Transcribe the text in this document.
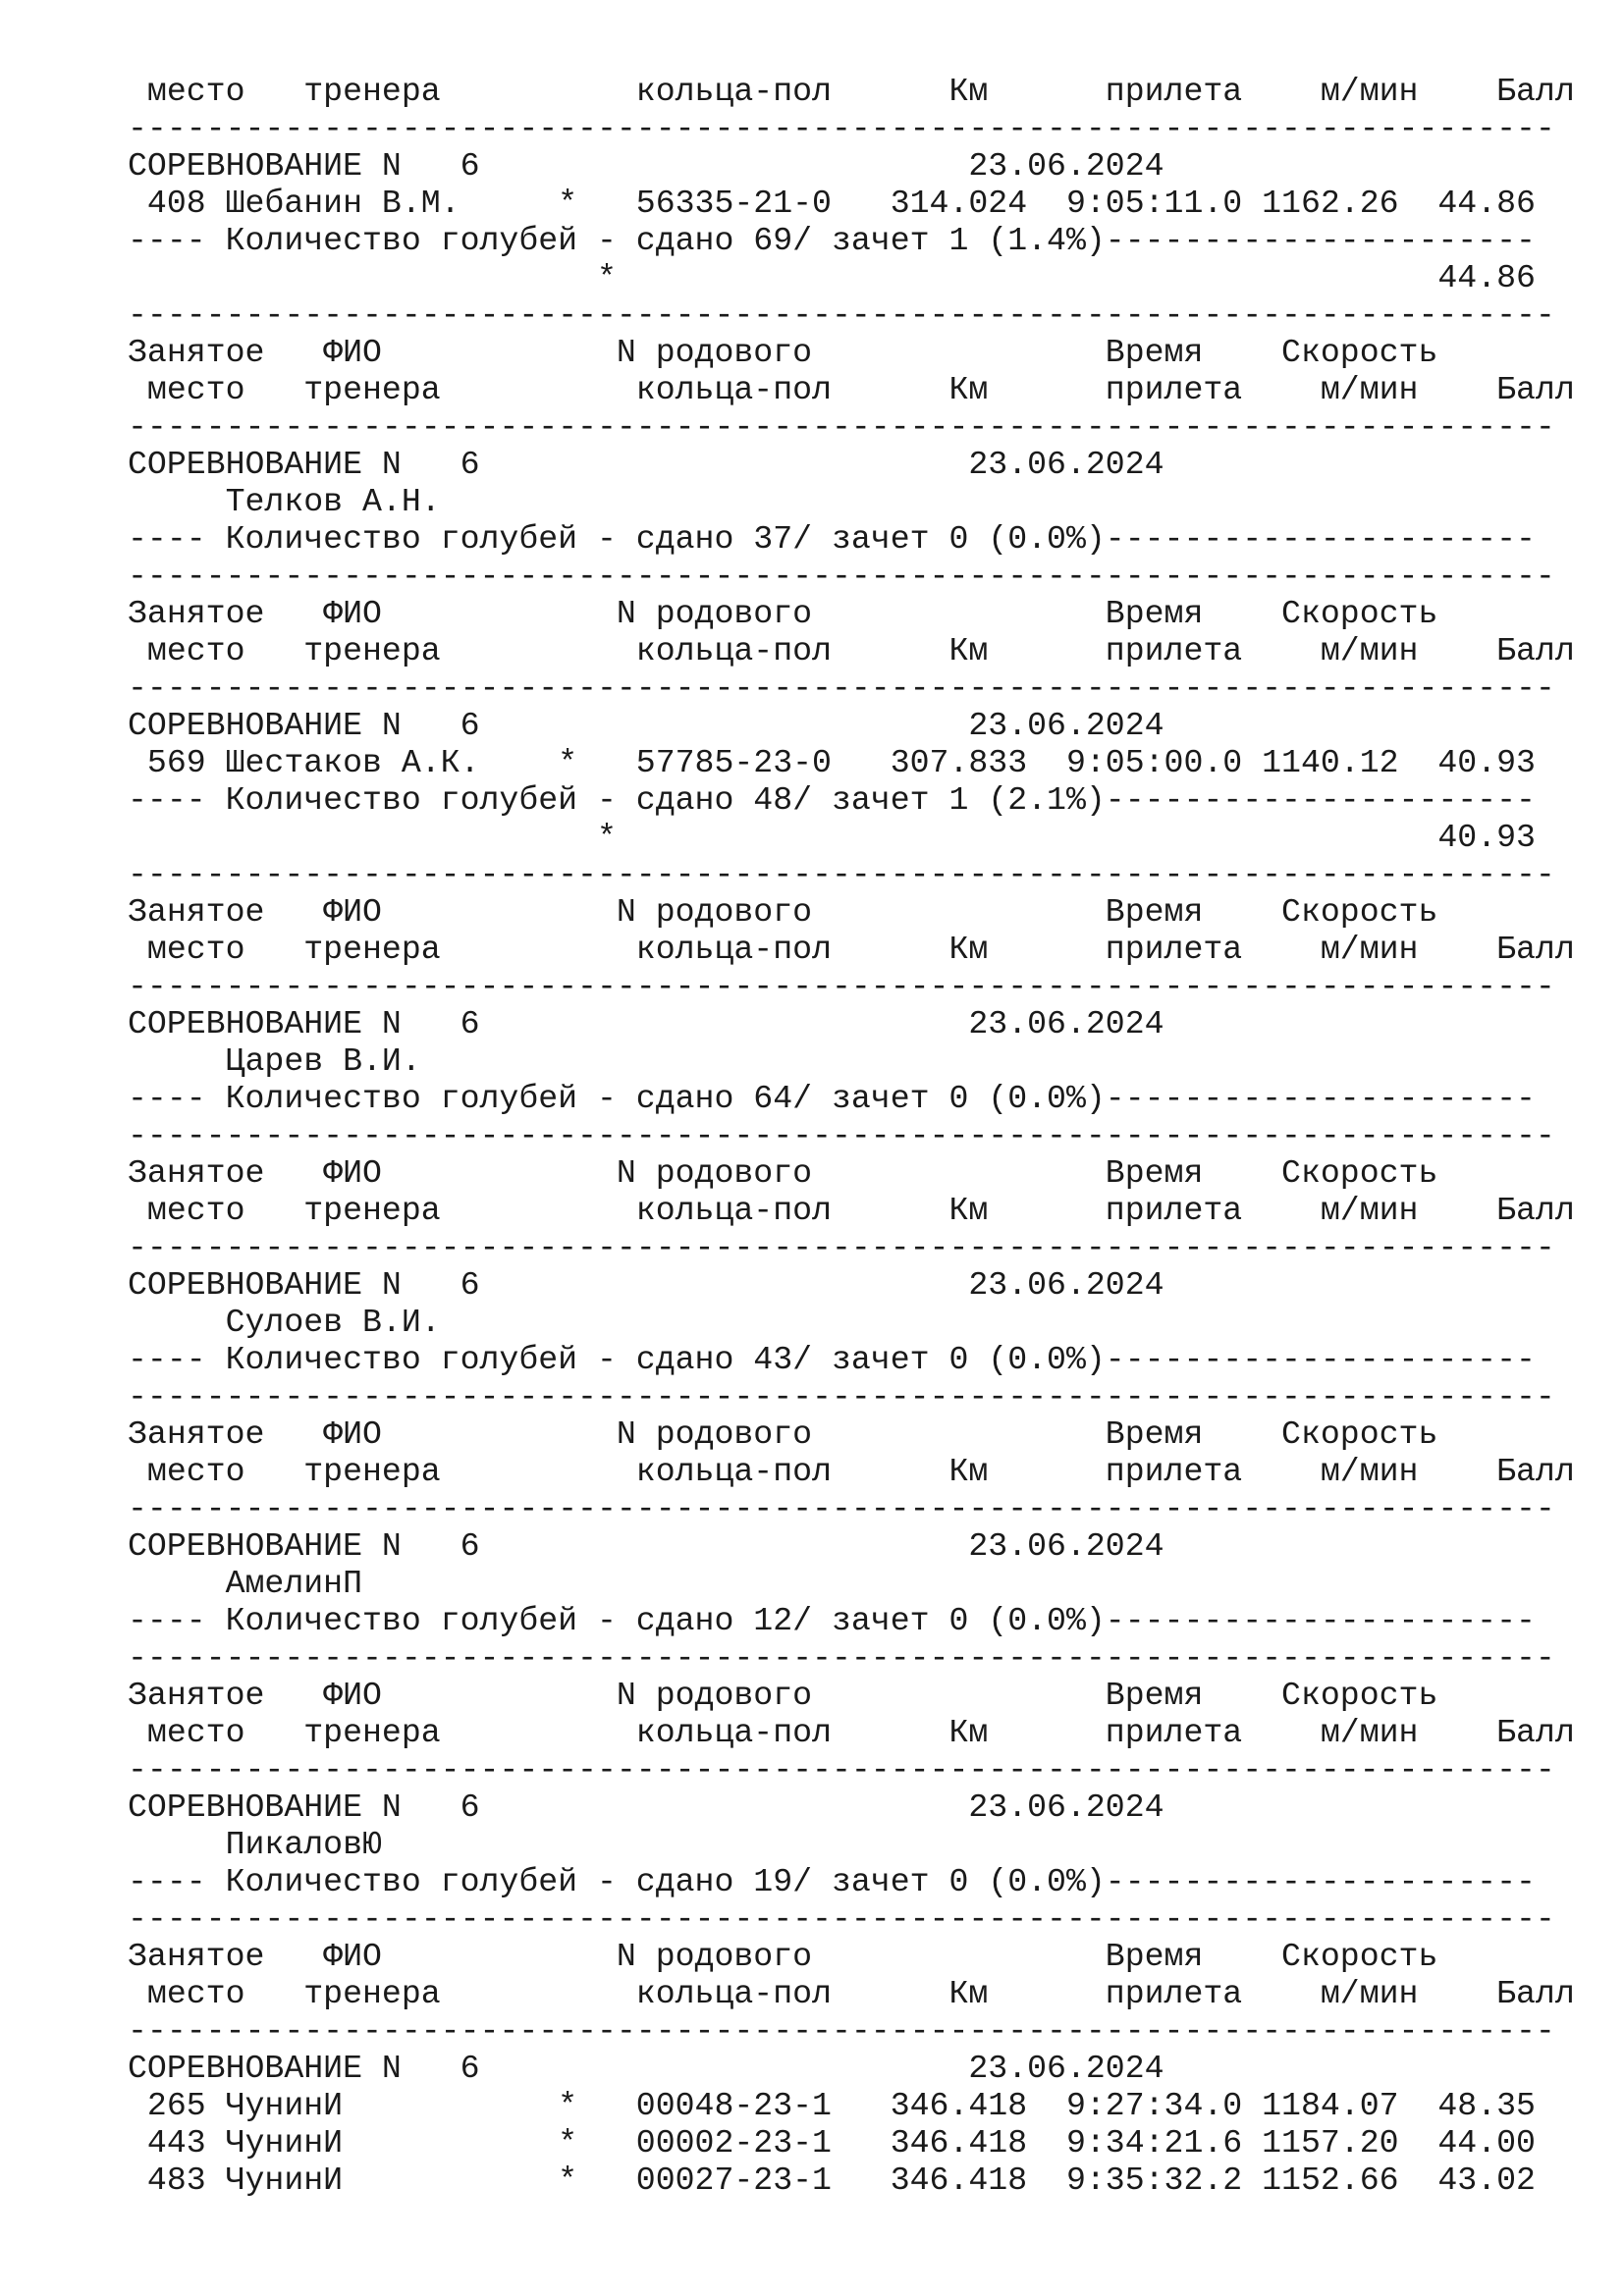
место   тренера          кольца-пол      Км      прилета    м/мин    Балл
-------------------------------------------------------------------------
СОРЕВНОВАНИЕ N   6                         23.06.2024
408 Шебанин В.М.     *   56335-21-0   314.024  9:05:11.0 1162.26  44.86
---- Количество голубей - сдано 69/ зачет 1 (1.4%)----------------------
*                                          44.86
-------------------------------------------------------------------------
Занятое   ФИО            N родового               Время    Скорость
место   тренера          кольца-пол      Км      прилета    м/мин    Балл
-------------------------------------------------------------------------
СОРЕВНОВАНИЕ N   6                         23.06.2024
Телков А.Н.
---- Количество голубей - сдано 37/ зачет 0 (0.0%)----------------------
-------------------------------------------------------------------------
Занятое   ФИО            N родового               Время    Скорость
место   тренера          кольца-пол      Км      прилета    м/мин    Балл
-------------------------------------------------------------------------
СОРЕВНОВАНИЕ N   6                         23.06.2024
569 Шестаков А.К.    *   57785-23-0   307.833  9:05:00.0 1140.12  40.93
---- Количество голубей - сдано 48/ зачет 1 (2.1%)----------------------
*                                          40.93
-------------------------------------------------------------------------
Занятое   ФИО            N родового               Время    Скорость
место   тренера          кольца-пол      Км      прилета    м/мин    Балл
-------------------------------------------------------------------------
СОРЕВНОВАНИЕ N   6                         23.06.2024
Царев В.И.
---- Количество голубей - сдано 64/ зачет 0 (0.0%)----------------------
-------------------------------------------------------------------------
Занятое   ФИО            N родового               Время    Скорость
место   тренера          кольца-пол      Км      прилета    м/мин    Балл
-------------------------------------------------------------------------
СОРЕВНОВАНИЕ N   6                         23.06.2024
Сулоев В.И.
---- Количество голубей - сдано 43/ зачет 0 (0.0%)----------------------
-------------------------------------------------------------------------
Занятое   ФИО            N родового               Время    Скорость
место   тренера          кольца-пол      Км      прилета    м/мин    Балл
-------------------------------------------------------------------------
СОРЕВНОВАНИЕ N   6                         23.06.2024
АмелинП
---- Количество голубей - сдано 12/ зачет 0 (0.0%)----------------------
-------------------------------------------------------------------------
Занятое   ФИО            N родового               Время    Скорость
место   тренера          кольца-пол      Км      прилета    м/мин    Балл
-------------------------------------------------------------------------
СОРЕВНОВАНИЕ N   6                         23.06.2024
ПикаловЮ
---- Количество голубей - сдано 19/ зачет 0 (0.0%)----------------------
-------------------------------------------------------------------------
Занятое   ФИО            N родового               Время    Скорость
место   тренера          кольца-пол      Км      прилета    м/мин    Балл
-------------------------------------------------------------------------
СОРЕВНОВАНИЕ N   6                         23.06.2024
265 ЧунинИ           *   00048-23-1   346.418  9:27:34.0 1184.07  48.35
443 ЧунинИ           *   00002-23-1   346.418  9:34:21.6 1157.20  44.00
483 ЧунинИ           *   00027-23-1   346.418  9:35:32.2 1152.66  43.02
